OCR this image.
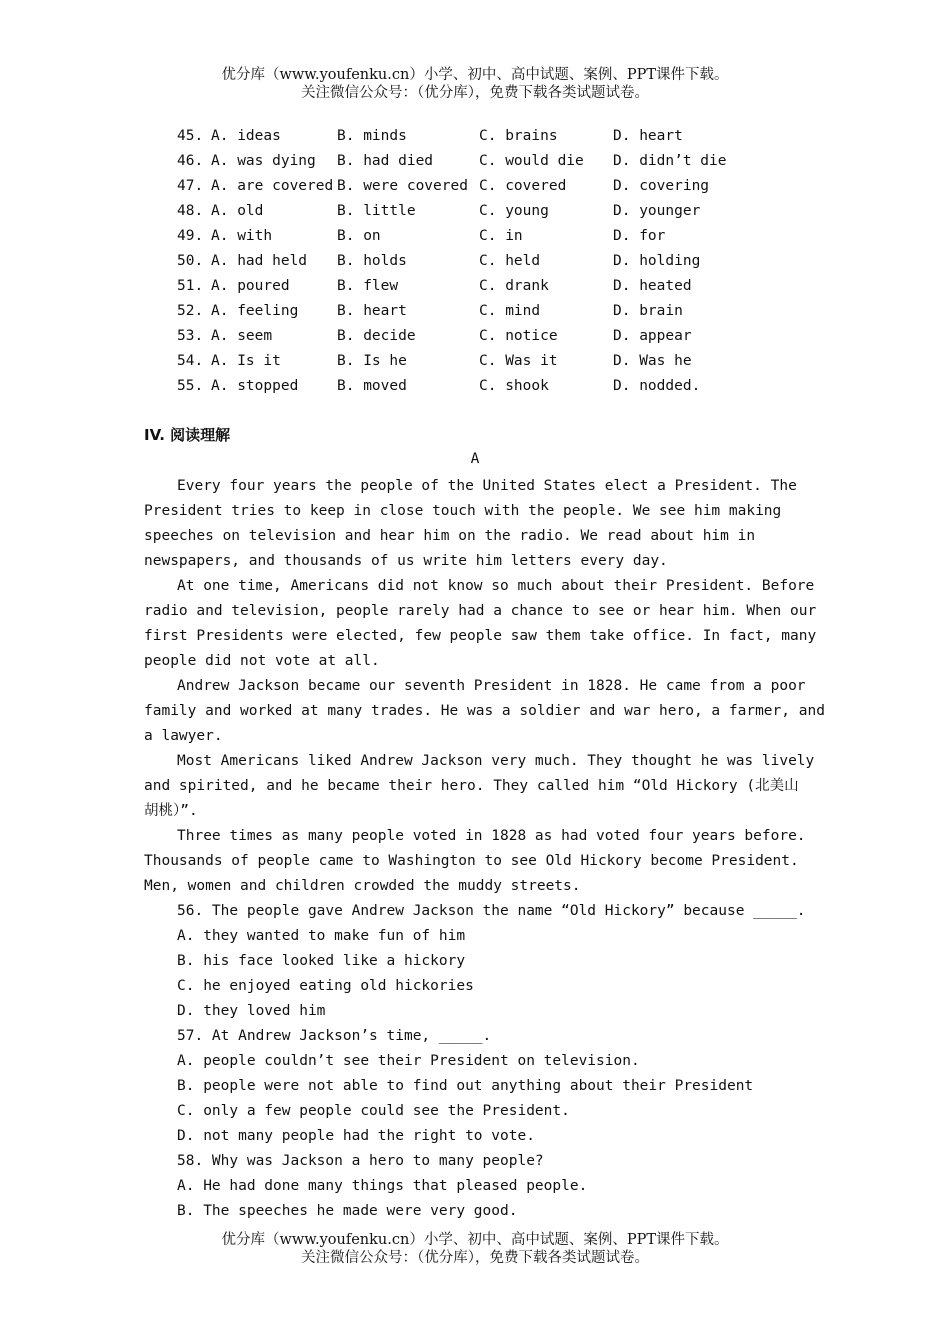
优分库（www.youfenku.cn）小学、初中、高中试题、案例、PPT课件下载。
关注微信公众号：（优分库），免费下载各类试题试卷。
45. A. ideas	B. minds	C. brains	D. heart
46. A. was dying B. had died	C. would die D. didn’t die
47. A. are covered B. were covered C. covered	D. covering
48. A. old	B. little	C. young	D. younger
49. A. with	B. on	C. in	D. for
50. A. had held B. holds	C. held	D. holding
51. A. poured	B. flew	C. drank	D. heated
52. A. feeling	B. heart	C. mind	D. brain
53. A. seem	B. decide	C. notice	D. appear
54. A. Is it	B. Is he	C. Was it	D. Was he
55. A. stopped	B. moved	C. shook	D. nodded.
IV. 阅读理解
A

Every four years the people of the United States elect a President. The

President tries to keep in close touch with the people. We see him making

speeches on television and hear him on the radio. We read about him in

newspapers, and thousands of us write him letters every day.

At one time, Americans did not know so much about their President. Before

radio and television, people rarely had a chance to see or hear him. When our

first Presidents were elected, few people saw them take office. In fact, many

people did not vote at all.

Andrew Jackson became our seventh President in 1828. He came from a poor

family and worked at many trades. He was a soldier and war hero, a farmer, and

a lawyer.

Most Americans liked Andrew Jackson very much. They thought he was lively

and spirited, and he became their hero. They called him “Old Hickory (北美山

胡桃）”.

Three times as many people voted in 1828 as had voted four years before.

Thousands of people came to Washington to see Old Hickory become President.

Men, women and children crowded the muddy streets.

56. The people gave Andrew Jackson the name “Old Hickory” because _____.

A. they wanted to make fun of him

B. his face looked like a hickory

C. he enjoyed eating old hickories

D. they loved him

57. At Andrew Jackson’s time, _____.

A. people couldn’t see their President on television.

B. people were not able to find out anything about their President

C. only a few people could see the President.

D. not many people had the right to vote.

58. Why was Jackson a hero to many people?

A. He had done many things that pleased people.

B. The speeches he made were very good.

优分库（www.youfenku.cn）小学、初中、高中试题、案例、PPT课件下载。
关注微信公众号：（优分库），免费下载各类试题试卷。
